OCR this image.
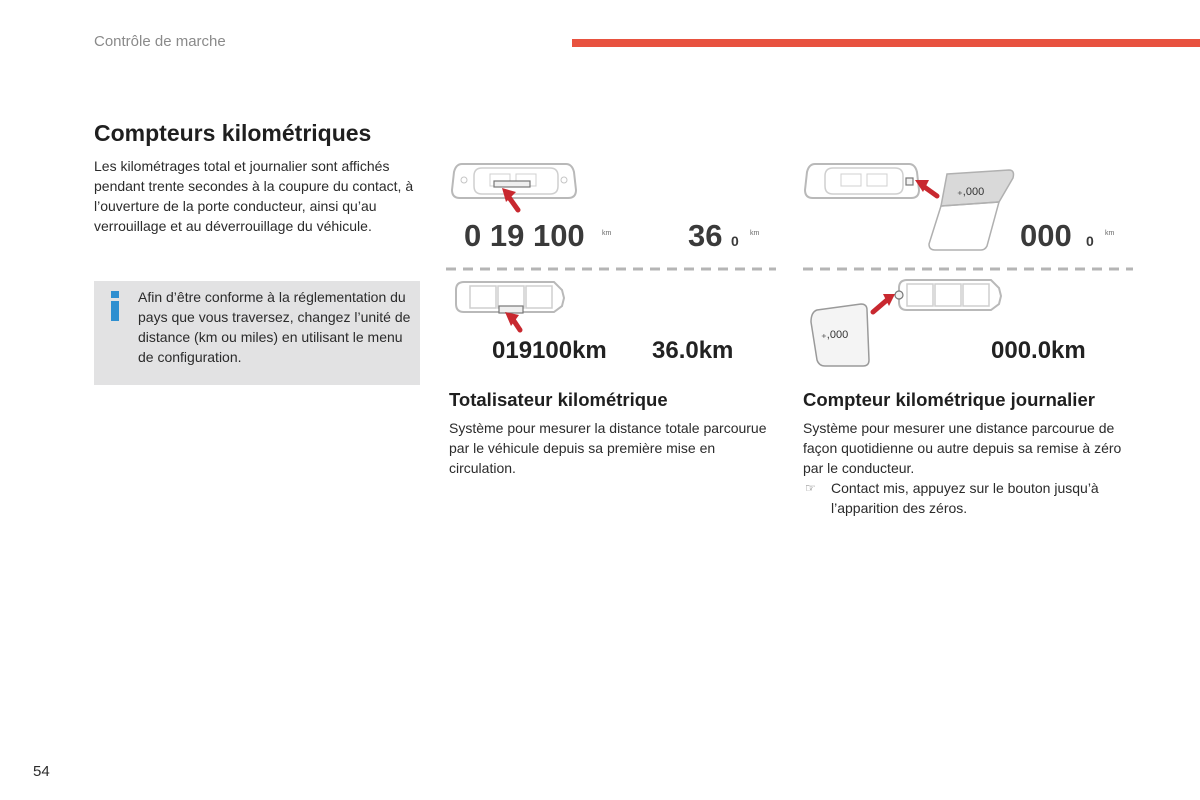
Contrôle de marche
Compteurs kilométriques

Les kilométrages total et journalier sont affichés pendant trente secondes à la coupure du contact, à l’ouverture de la porte conducteur, ainsi qu’au verrouillage et au déverrouillage du véhicule.

Afin d’être conforme à la réglementation du pays que vous traversez, changez l’unité de distance (km ou miles) en utilisant le menu de configuration.

0 19 100 km 36 0 km
019100km 36.0km
₊,000
000 0 km
₊,000
000.0km
Totalisateur kilométrique

Système pour mesurer la distance totale parcourue par le véhicule depuis sa première mise en circulation.

Compteur kilométrique journalier

Système pour mesurer une distance parcourue de façon quotidienne ou autre depuis sa remise à zéro par le conducteur.

☞ Contact mis, appuyez sur le bouton jusqu’à l’apparition des zéros.
54
